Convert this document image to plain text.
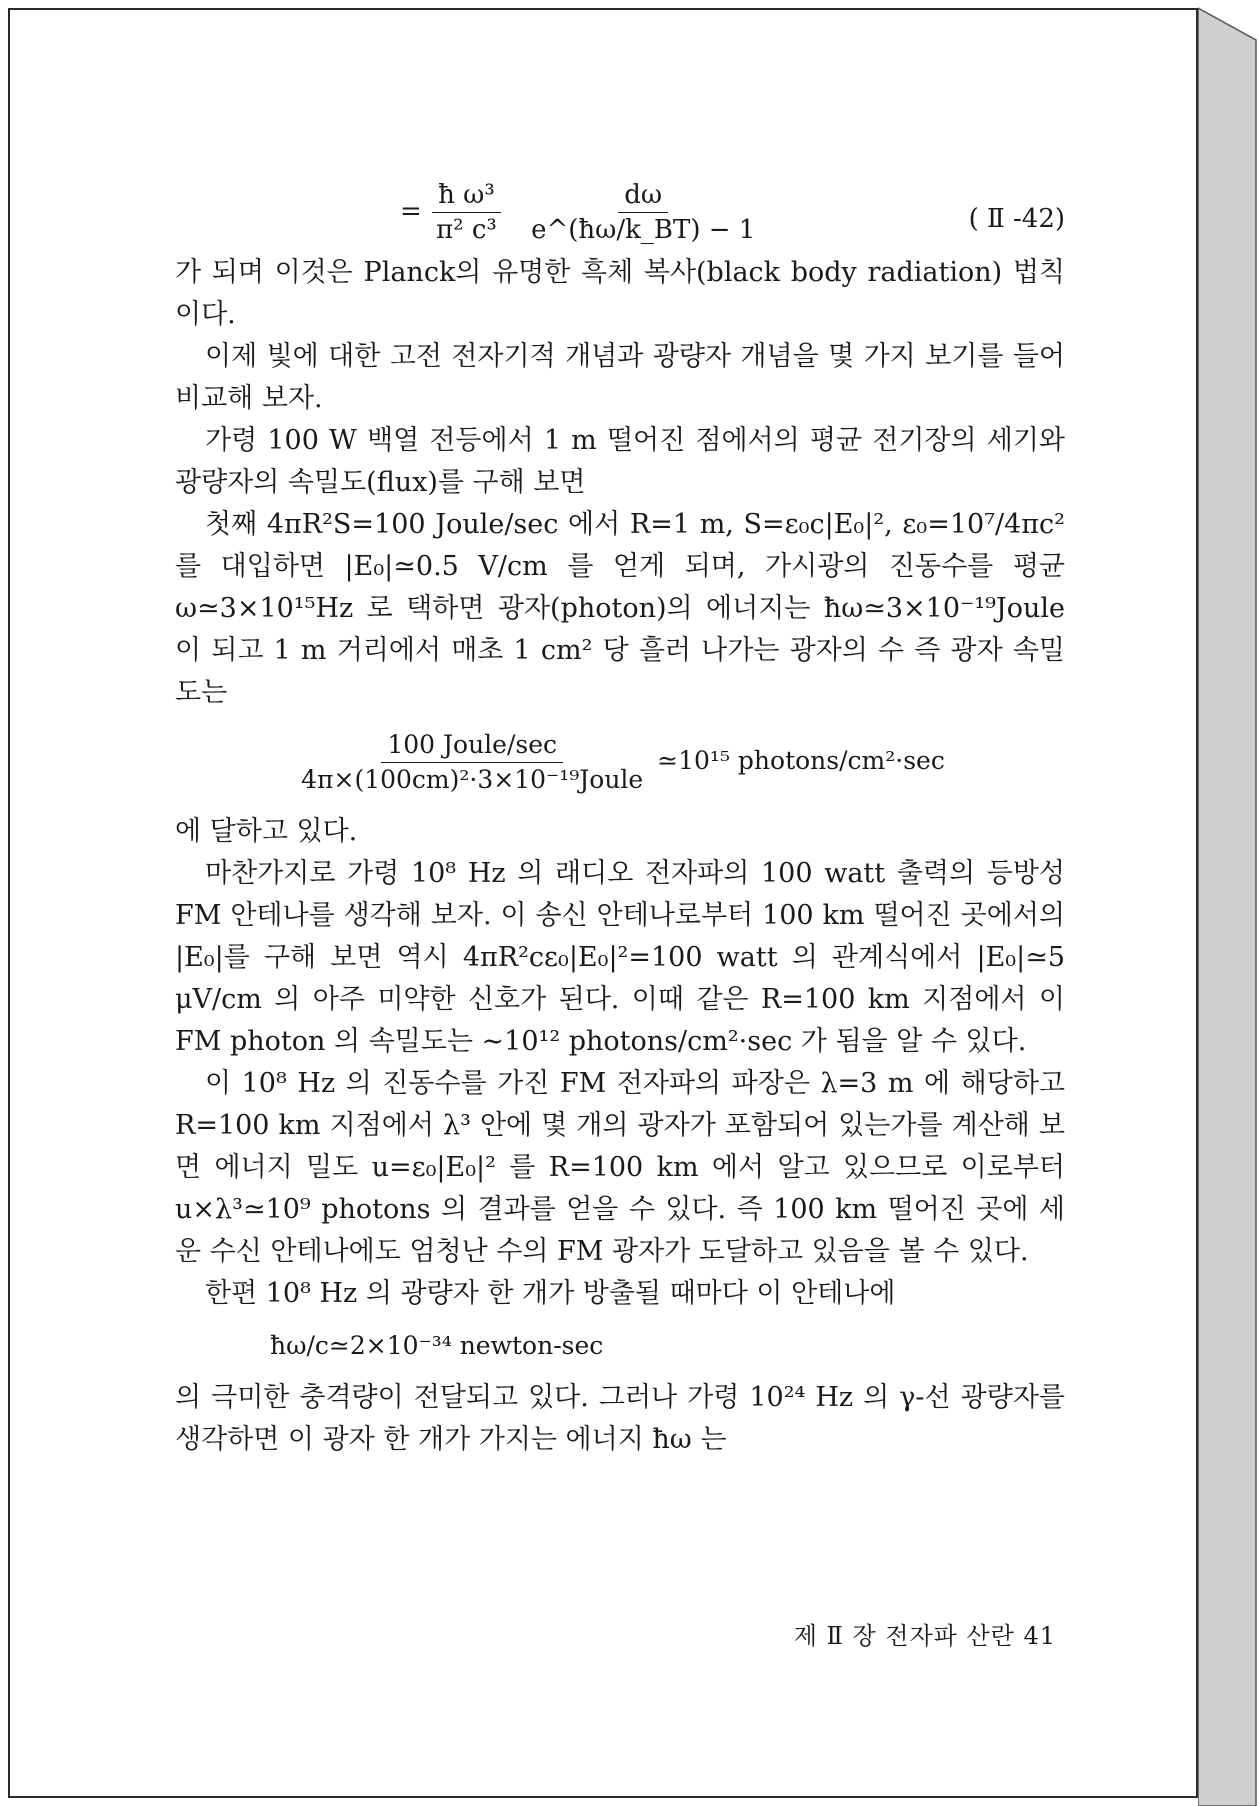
= $\frac{\text{ħ ω³}}{\text{π² c³}}$
$\frac{d\omega}{e\^{}(ħ\omega/k\_BT) - 1}$	( Ⅱ -42)

가 되며 이것은 Planck의 유명한 흑체 복사(black body radiation) 법칙이다.

이제 빛에 대한 고전 전자기적 개념과 광량자 개념을 몇 가지 보기를 들어 비교해 보자.

가령 100 W 백열 전등에서 1 m 떨어진 점에서의 평균 전기장의 세기와 광량자의 속밀도(flux)를 구해 보면

첫째 4πR²S=100 Joule/sec 에서 R=1 m, S=ε₀c|E₀|², ε₀=10⁷/4πc² 를 대입하면 |E₀|≃0.5 V/cm 를 얻게 되며, 가시광의 진동수를 평균 ω≃3×10¹⁵Hz 로 택하면 광자(photon)의 에너지는 ħω≃3×10⁻¹⁹Joule 이 되고 1 m 거리에서 매초 1 cm² 당 흘러 나가는 광자의 수 즉 광자 속밀도는

$\frac{\text{100 Joule/sec}}{\text{4π×(100cm)²·3×10⁻¹⁹Joule}}$ ≃10¹⁵ photons/cm²·sec

에 달하고 있다.

마찬가지로 가령 10⁸ Hz 의 래디오 전자파의 100 watt 출력의 등방성 FM 안테나를 생각해 보자. 이 송신 안테나로부터 100 km 떨어진 곳에서의 |E₀|를 구해 보면 역시 4πR²cε₀|E₀|²=100 watt 의 관계식에서 |E₀|≃5 μV/cm 의 아주 미약한 신호가 된다. 이때 같은 R=100 km 지점에서 이 FM photon 의 속밀도는 ∼10¹² photons/cm²·sec 가 됨을 알 수 있다.

이 10⁸ Hz 의 진동수를 가진 FM 전자파의 파장은 λ=3 m 에 해당하고 R=100 km 지점에서 λ³ 안에 몇 개의 광자가 포함되어 있는가를 계산해 보면 에너지 밀도 u=ε₀|E₀|² 를 R=100 km 에서 알고 있으므로 이로부터 u×λ³≃10⁹ photons 의 결과를 얻을 수 있다. 즉 100 km 떨어진 곳에 세운 수신 안테나에도 엄청난 수의 FM 광자가 도달하고 있음을 볼 수 있다.

한편 10⁸ Hz 의 광량자 한 개가 방출될 때마다 이 안테나에

ħω/c≃2×10⁻³⁴ newton-sec

의 극미한 충격량이 전달되고 있다. 그러나 가령 10²⁴ Hz 의 γ-선 광량자를 생각하면 이 광자 한 개가 가지는 에너지 ħω 는

제 Ⅱ 장 전자파 산란 41
